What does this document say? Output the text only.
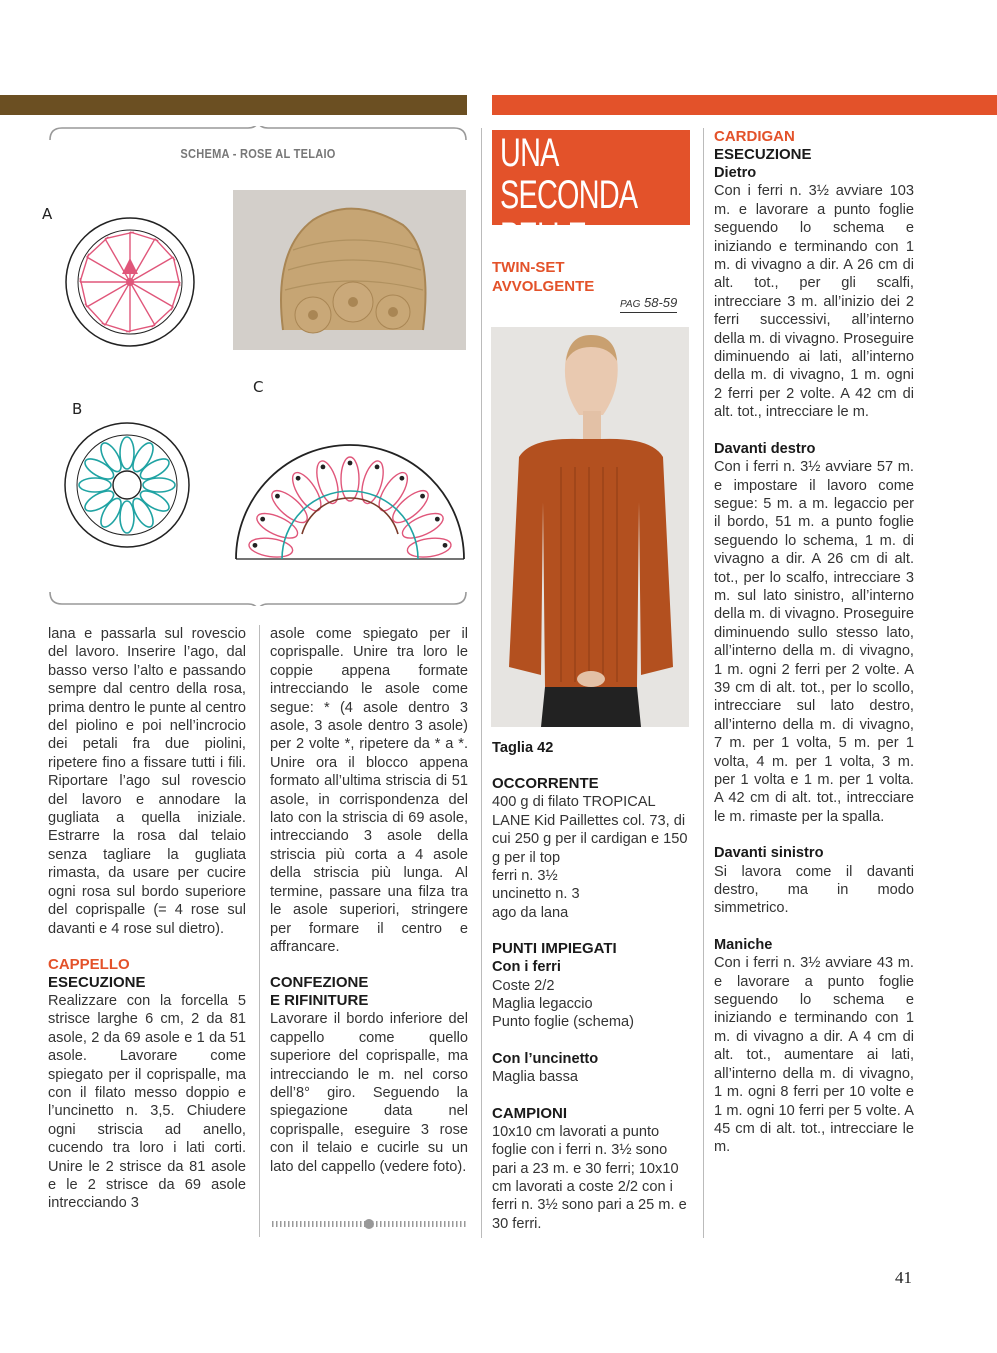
SCHEMA - ROSE AL TELAIO
A
B
C

lana e passarla sul rovescio del lavoro. Inserire l’ago, dal basso verso l’alto e passando sempre dal centro della rosa, prima dentro le punte al centro del piolino e poi nell’incrocio dei petali fra due piolini, ripetere fino a fissare tutti i fili. Riportare l’ago sul rovescio del lavoro e annodare la gugliata a quella iniziale. Estrarre la rosa dal telaio senza tagliare la gugliata rimasta, da usare per cucire ogni rosa sul bordo superiore del coprispalle (= 4 rose sul davanti e 4 rose sul dietro).

CAPPELLO
ESECUZIONE

Realizzare con la forcella 5 strisce larghe 6 cm, 2 da 81 asole, 2 da 69 asole e 1 da 51 asole. Lavorare come spiegato per il coprispalle, ma con il filato messo doppio e l’uncinetto n. 3,5. Chiudere ogni striscia ad anello, cucendo tra loro i lati corti. Unire le 2 strisce da 81 asole e le 2 strisce da 69 asole intrecciando 3

asole come spiegato per il coprispalle. Unire tra loro le coppie appena formate intrecciando le asole come segue: * (4 asole dentro 3 asole, 3 asole dentro 3 asole) per 2 volte *, ripetere da * a *. Unire ora il blocco appena formato all’ultima striscia di 51 asole, in corrispondenza del lato con la striscia di 69 asole, intrecciando 3 asole della striscia più corta a 4 asole della striscia più lunga. Al termine, passare una filza tra le asole superiori, stringere per formare il centro e affrancare.

CONFEZIONE
E RIFINITURE

Lavorare il bordo inferiore del cappello come quello superiore del coprispalle, ma intrecciando le m. nel corso dell’8° giro. Seguendo la spiegazione data nel coprispalle, eseguire 3 rose con il telaio e cucirle su un lato del cappello (vedere foto).

UNA
SECONDA PELLE
TWIN-SET
AVVOLGENTE
PAG 58-59
Taglia 42
OCCORRENTE

400 g di filato TROPICAL LANE Kid Paillettes col. 73, di cui 250 g per il cardigan e 150 g per il top

ferri n. 3½

uncinetto n. 3

ago da lana

PUNTI IMPIEGATI
Con i ferri

Coste 2/2

Maglia legaccio

Punto foglie (schema)

Con l’uncinetto

Maglia bassa

CAMPIONI

10x10 cm lavorati a punto foglie con i ferri n. 3½ sono pari a 23 m. e 30 ferri; 10x10 cm lavorati a coste 2/2 con i ferri n. 3½ sono pari a 25 m. e 30 ferri.

CARDIGAN
ESECUZIONE
Dietro

Con i ferri n. 3½ avviare 103 m. e lavorare a punto foglie seguendo lo schema e iniziando e terminando con 1 m. di vivagno a dir. A 26 cm di alt. tot., per gli scalfi, intrecciare 3 m. all’inizio dei 2 ferri successivi, all’interno della m. di vivagno. Proseguire diminuendo ai lati, all’interno della m. di vivagno, 1 m. ogni 2 ferri per 2 volte. A 42 cm di alt. tot., intrecciare le m.

Davanti destro

Con i ferri n. 3½ avviare 57 m. e impostare il lavoro come segue: 5 m. a m. legaccio per il bordo, 51 m. a punto foglie seguendo lo schema, 1 m. di vivagno a dir. A 26 cm di alt. tot., per lo scalfo, intrecciare 3 m. sul lato sinistro, all’interno della m. di vivagno. Proseguire diminuendo sullo stesso lato, all’interno della m. di vivagno, 1 m. ogni 2 ferri per 2 volte. A 39 cm di alt. tot., per lo scollo, intrecciare sul lato destro, all’interno della m. di vivagno, 7 m. per 1 volta, 5 m. per 1 volta, 4 m. per 1 volta, 3 m. per 1 volta e 1 m. per 1 volta. A 42 cm di alt. tot., intrecciare le m. rimaste per la spalla.

Davanti sinistro

Si lavora come il davanti destro, ma in modo simmetrico.

Maniche

Con i ferri n. 3½ avviare 43 m. e lavorare a punto foglie seguendo lo schema e iniziando e terminando con 1 m. di vivagno a dir. A 4 cm di alt. tot., aumentare ai lati, all’interno della m. di vivagno, 1 m. ogni 8 ferri per 10 volte e 1 m. ogni 10 ferri per 5 volte. A 45 cm di alt. tot., intrecciare le m.

41
